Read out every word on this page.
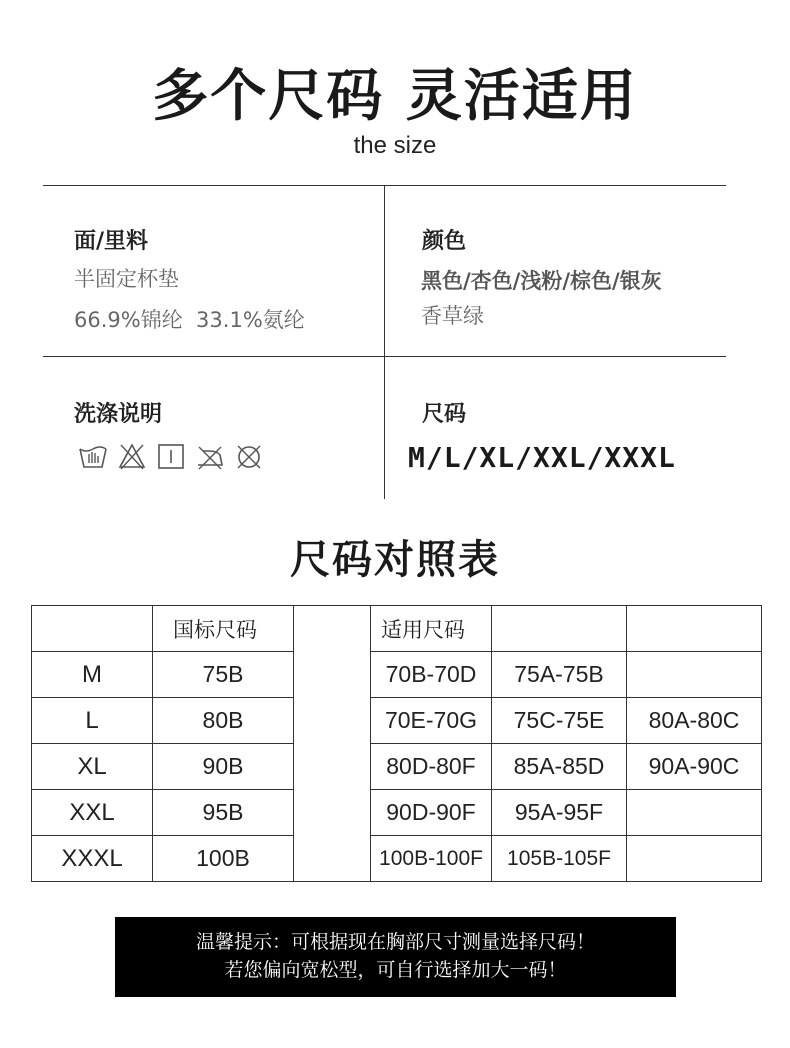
多个尺码 灵活适用
the size
面/里料
半固定杯垫
66.9%锦纶  33.1%氨纶
颜色
黑色/杏色/浅粉/棕色/银灰
香草绿
洗涤说明	尺码
M/L/XL/XXL/XXXL
尺码对照表
	国标尺码		适用尺码		
M	75B		70B-70D	75A-75B	
L	80B		70E-70G	75C-75E	80A-80C
XL	90B		80D-80F	85A-85D	90A-90C
XXL	95B		90D-90F	95A-95F	
XXXL	100B		100B-100F	105B-105F	
温馨提示：可根据现在胸部尺寸测量选择尺码！
若您偏向宽松型，可自行选择加大一码！
